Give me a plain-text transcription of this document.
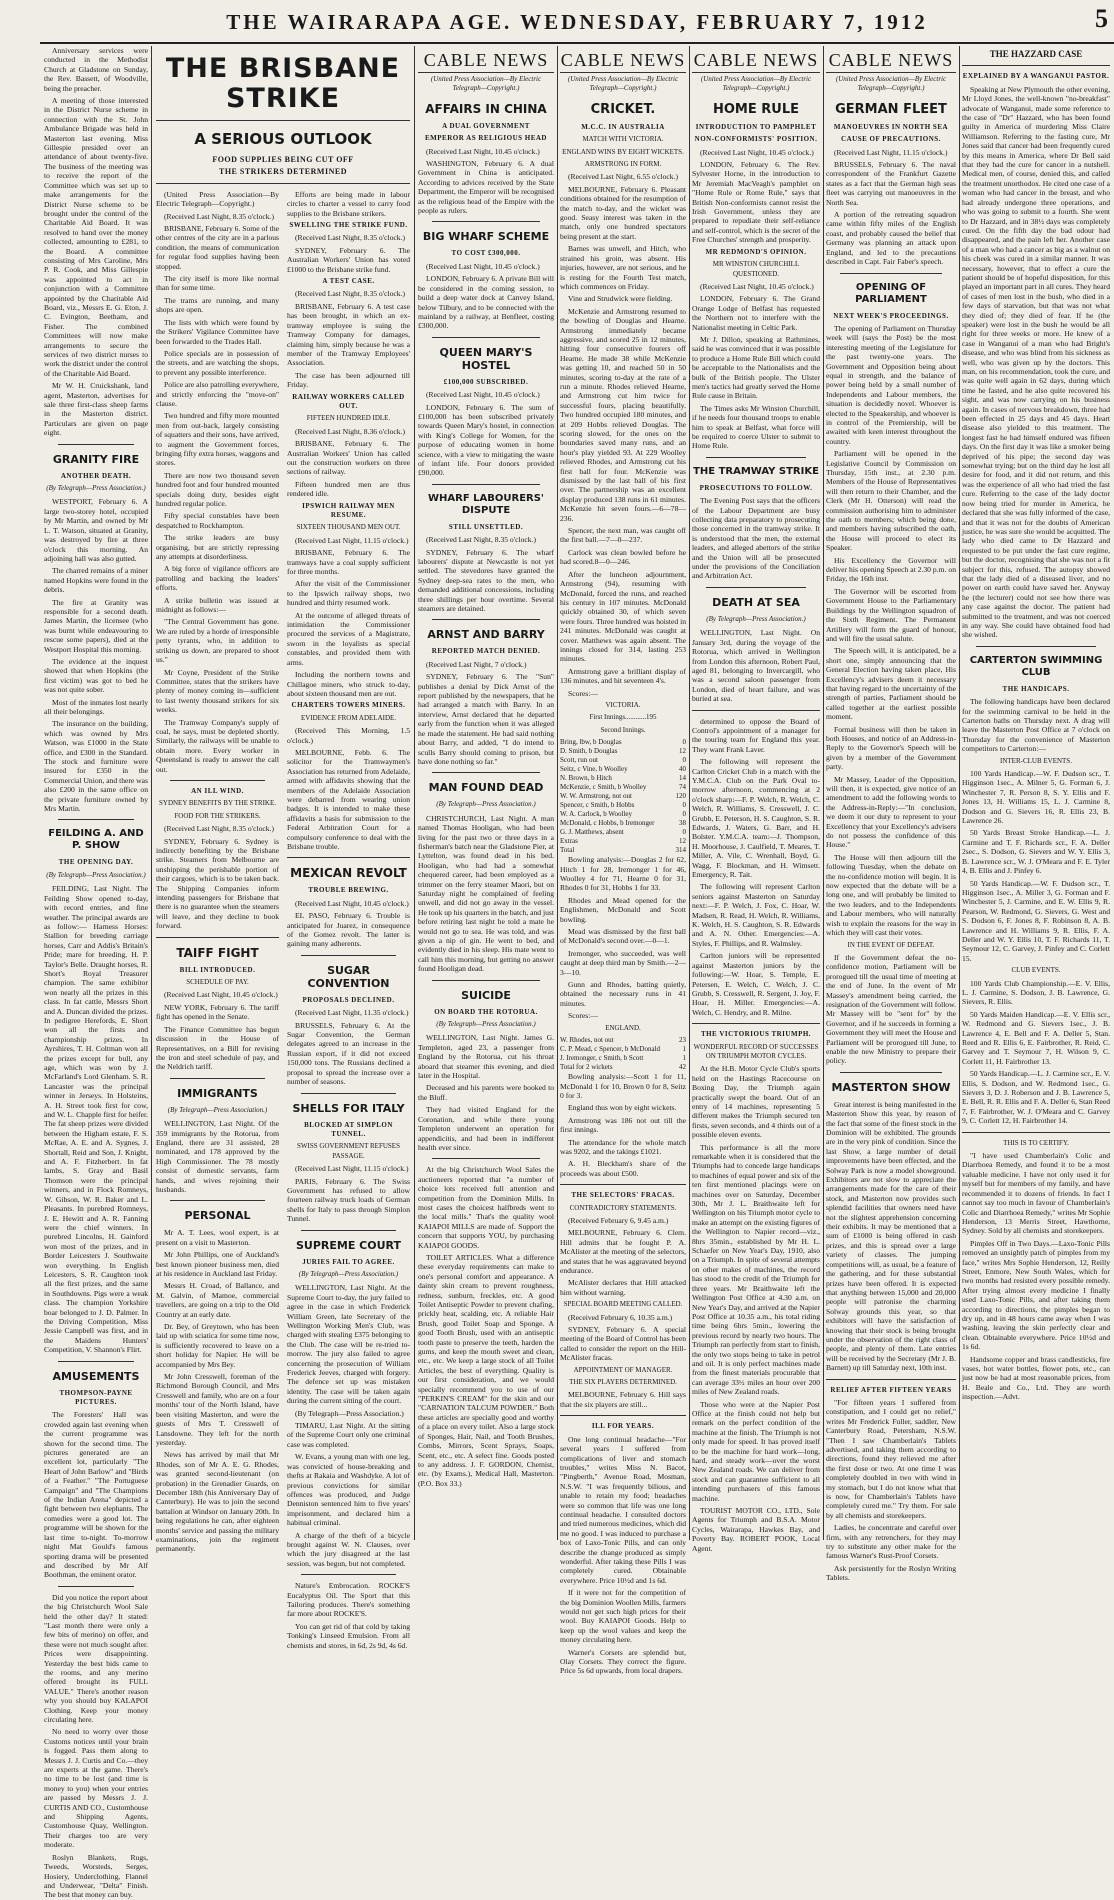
THE WAIRARAPA AGE. WEDNESDAY, FEBRUARY 7, 1912	5

Anniversary services were conducted in the Methodist Church at Gladstone on Sunday, the Rev. Bassett, of Woodville, being the preacher.

A meeting of those interested in the District Nurse scheme in connection with the St. John Ambulance Brigade was held in Masterton last evening. Miss Gillespie presided over an attendance of about twenty-five. The business of the meeting was to receive the report of the Committee which was set up to make arrangements for the District Nurse scheme to be brought under the control of the Charitable Aid Board. It was resolved to hand over the money collected, amounting to £281, to the Board. A committee consisting of Mrs Caroline, Mrs P. R. Cook, and Miss Gillespie was appointed to act in conjunction with a Committee appointed by the Charitable Aid Board, viz., Messrs E. G. Eton, J. C. Evington, Beetham, and Fisher. The combined Committees will now make arrangements to secure the services of two district nurses to work the district under the control of the Charitable Aid Board.

Mr W. H. Cruickshank, land agent, Masterton, advertises for sale three first-class sheep farms in the Masterton district. Particulars are given on page eight.

GRANITY FIRE
ANOTHER DEATH.
(By Telegraph—Press Association.)

WESTPORT, February 6. A large two-storey hotel, occupied by Mr Martin, and owned by Mr L. T. Watson, situated at Granity, was destroyed by fire at three o'clock this morning. An adjoining hall was also gutted.

The charred remains of a miner named Hopkins were found in the debris.

The fire at Granity was responsible for a second death. James Martin, the licensee (who was burnt while endeavouring to rescue some papers), died at the Westport Hospital this morning.

The evidence at the inquest showed that when Hopkins (the first victim) was got to bed he was not quite sober.

Most of the inmates lost nearly all their belongings.

The insurance on the building, which was owned by Mrs Watson, was £1000 in the State office, and £300 in the Standard. The stock and furniture were insured for £350 in the Commercial Union, and there was also £200 in the same office on the private furniture owned by Mrs Martin.

FEILDING A. AND P. SHOW
THE OPENING DAY.
(By Telegraph—Press Association.)

FEILDING, Last Night. The Feilding Show opened to-day, with record entries, and fine weather. The principal awards are as follow:— Harness Horses: Stallion for breeding carriage horses, Carr and Addis's Britain's Pride; mare for breeding, H. P. Taylor's Belle. Draught horses, R. Short's Royal Treasurer champion. The same exhibitor won nearly all the prizes in this class. In fat cattle, Messrs Short and A. Duncan divided the prizes. In pedigree Herefords, E. Short won all the firsts and championship prizes. In Ayrshires, T. H. Coltman won all the prizes except for bull, any age, which was won by J. McFarland's Lord Glenham. S. R. Lancaster was the principal winner in Jerseys. In Holsteins, A. H. Street took first for cow, and W. L. Chapple first for heifer. The fat sheep prizes were divided between the Higham estate, F. S. McRae, A. E. and A. Sygnes, J. Shortall, Reid and Son, J. Knight, and A. F. Fitzherbert. In fat lambs, S. Gray and Basil Thomson were the principal winners, and in Flock Romneys, W. Gibson, W. R. Baker and L. Pleasants. In purebred Romneys, J. E. Hewitt and A. R. Fanning were the chief winners. In purebred Lincolns, H. Gainford won most of the prizes, and in Border Leicesters J. Southwaite won everything. In English Leicesters, S. R. Caughton took all the first prizes, and the same in Southdowns. Pigs were a weak class. The champion Yorkshire boar belonged to J. D. Palmer. In the Driving Competition, Miss Jessie Campbell was first, and in the Maidens Hunters' Competition, V. Shannon's Flirt.

AMUSEMENTS
THOMPSON-PAYNE PICTURES.

The Foresters' Hall was crowded again last evening when the current programme was shown for the second time. The pictures generated are an excellent lot, particularly "The Heart of John Barlow" and "Birds of a Feather." "The Portuguese Campaign" and "The Champions of the Indian Arena" depicted a fight between two elephants. The comedies were a good lot. The programme will be shown for the last time to-night. To-morrow night Mat Gould's famous sporting drama will be presented and described by Mr Alf Boothman, the eminent orator.

Did you notice the report about the big Christchurch Wool Sale held the other day? It stated: "Last month there were only a few bits of merino) on offer, and these were not much sought after. Prices were disappointing. Yesterday the best bids came to the rooms, and any merino offered brought its FULL VALUE." There's another reason why you should buy KALAPOI Clothing. Keep your money circulating here.

No need to worry over those Customs notices until your brain is fogged. Pass them along to Messrs J. J. Curtis and Co.—they are experts at the game. There's no time to be lost (and time is money to you) when your entries are passed by Messrs J. J. CURTIS AND CO., Customhouse and Shipping Agents, Customhouse Quay, Wellington. Their charges too are very moderate.

Roslyn Blankets, Rugs, Tweeds, Worsteds, Serges, Hosiery, Underclothing, Flannel and Underwear, "Delta" Finish. The best that money can buy.

THE BRISBANE STRIKE
A SERIOUS OUTLOOK
FOOD SUPPLIES BEING CUT OFF
THE STRIKERS DETERMINED

(United Press Association—By Electric Telegraph—Copyright.)

(Received Last Night, 8.35 o'clock.)

BRISBANE, February 6. Some of the other centres of the city are in a parlous condition, the means of communication for regular food supplies having been stopped.

The city itself is more like normal than for some time.

The trams are running, and many shops are open.

The lists with which were found by the Strikers' Vigilance Committee have been forwarded to the Trades Hall.

Police specials are in possession of the streets, and are watching the shops, to prevent any possible interference.

Police are also patrolling everywhere, and strictly enforcing the "move-on" clause.

Two hundred and fifty more mounted men from out-back, largely consisting of squatters and their sons, have arrived, to augment the Government forces, bringing fifty extra horses, waggons and stores.

There are now two thousand seven hundred foot and four hundred mounted specials doing duty, besides eight hundred regular police.

Fifty special constables have been despatched to Rockhampton.

The strike leaders are busy organising, but are strictly repressing any attempts at disorderliness.

A big force of vigilance officers are patrolling and backing the leaders' efforts.

A strike bulletin was issued at midnight as follows:—

"The Central Government has gone. We are ruled by a horde of irresponsible petty tyrants, who, in addition to striking us down, are prepared to shoot us."

Mr Coyne, President of the Strike Committee, states that the strikers have plenty of money coming in—sufficient to last twenty thousand strikers for six weeks.

The Tramway Company's supply of coal, he says, must be depleted shortly. Similarly, the railways will be unable to obtain more. Every worker in Queensland is ready to answer the call out.

AN ILL WIND.
SYDNEY BENEFITS BY THE STRIKE.
FOOD FOR THE STRIKERS.

(Received Last Night, 8.35 o'clock.)

SYDNEY, February 6. Sydney is indirectly benefiting by the Brisbane strike. Steamers from Melbourne are unshipping the perishable portion of their cargoes, which is to be taken back. The Shipping Companies inform intending passengers for Brisbane that there is no guarantee when the steamers will leave, and they decline to book forward.

TAIFF FIGHT
BILL INTRODUCED.
SCHEDULE OF PAY.

(Received Last Night, 10.45 o'clock.)

NEW YORK, February 6. The tariff fight has opened in the Senate.

The Finance Committee has begun discussion in the House of Representatives, on a Bill for revising the iron and steel schedule of pay, and the Neldrich tariff.

IMMIGRANTS
(By Telegraph—Press Association.)

WELLINGTON, Last Night. Of the 359 immigrants by the Rotorua, from England, there are 31 assisted, 28 nominated, and 178 approved by the High Commissioner. The 78 mostly consist of domestic servants, farm hands, and wives rejoining their husbands.

PERSONAL

Mr A. T. Lees, wool expert, is at present on a visit to Masterton.

Mr John Phillips, one of Auckland's best known pioneer business men, died at his residence in Auckland last Friday.

Messrs H. Croad, of Ballance, and M. Galvin, of Mamoe, commercial travellers, are going on a trip to the Old Country at an early date.

Dr. Bey, of Greytown, who has been laid up with sciatica for some time now, is sufficiently recovered to leave on a short holiday for Napier. He will be accompanied by Mrs Bey.

Mr John Cresswell, foreman of the Richmond Borough Council, and Mrs Cresswell and family, who are on a four months' tour of the North Island, have been visiting Masterton, and were the guests of Mrs T. Cresswell of Lansdowne. They left for the north yesterday.

News has arrived by mail that Mr Rhodes, son of Mr A. E. G. Rhodes, was granted second-lieutenant (on probation) in the Grenadier Guards, on December 18th (his Anniversary Day of Canterbury). He was to join the second battalion at Windsor on January 20th. In being regulations he can, after eighteen months' service and passing the military examinations, join the regiment permanently.

Efforts are being made in labour circles to charter a vessel to carry food supplies to the Brisbane strikers.

SWELLING THE STRIKE FUND.

(Received Last Night, 8.35 o'clock.)

SYDNEY, February 6. The Australian Workers' Union has voted £1000 to the Brisbane strike fund.

A TEST CASE.

(Received Last Night, 8.35 o'clock.)

BRISBANE, February 6. A test case has been brought, in which an ex-tramway employee is suing the Tramway Company for damages, claiming him, simply because he was a member of the Tramway Employees' Association.

The case has been adjourned till Friday.

RAILWAY WORKERS CALLED OUT.
FIFTEEN HUNDRED IDLE.

(Received Last Night, 8.36 o'clock.)

BRISBANE, February 6. The Australian Workers' Union has called out the construction workers on three sections of railway.

Fifteen hundred men are thus rendered idle.

IPSWICH RAILWAY MEN RESUME.
SIXTEEN THOUSAND MEN OUT.

(Received Last Night, 11.15 o'clock.)

BRISBANE, February 6. The tramways have a coal supply sufficient for three months.

After the visit of the Commissioner to the Ipswich railway shops, two hundred and thirty resumed work.

At the outcome of alleged threats of intimidation the Commissioner procured the services of a Magistrate, sworn in the loyalists as special constables, and provided them with arms.

Including the northern towns and Chillagoe miners, who struck to-day, about sixteen thousand men are out.

CHARTERS TOWERS MINERS.
EVIDENCE FROM ADELAIDE.

(Received This Morning, 1.5 o'clock.)

MELBOURNE, Febb. 6. The solicitor for the Tramwaymen's Association has returned from Adelaide, armed with affidavits showing that the members of the Adelaide Association were debarred from wearing union badges. It is intended to make these affidavits a basis for submission to the Federal Arbitration Court for a compulsory conference to deal with the Brisbane trouble.

MEXICAN REVOLT
TROUBLE BREWING.

(Received Last Night, 10.45 o'clock.)

EL PASO, February 6. Trouble is anticipated for Juarez, in consequence of the Gomez revolt. The latter is gaining many adherents.

SUGAR CONVENTION
PROPOSALS DECLINED.

(Received Last Night, 11.35 o'clock.)

BRUSSELS, February 6. At the Sugar Convention, the German delegates agreed to an increase in the Russian export, if it did not exceed 150,000 tons. The Russians declined a proposal to spread the increase over a number of seasons.

SHELLS FOR ITALY
BLOCKED AT SIMPLON TUNNEL.
SWISS GOVERNMENT REFUSES PASSAGE.

(Received Last Night, 11.15 o'clock.)

PARIS, February 6. The Swiss Government has refused to allow fourteen railway truck loads of German shells for Italy to pass through Simplon Tunnel.

SUPREME COURT
JURIES FAIL TO AGREE.
(By Telegraph—Press Association.)

WELLINGTON, Last Night. At the Supreme Court to-day, the jury failed to agree in the case in which Frederick William Green, late Secretary of the Wellington Working Men's Club, was charged with stealing £375 belonging to the Club. The case will be re-tried to-morrow. The jury also failed to agree concerning the prosecution of William Frederick Jeeves, charged with forgery. The defence set up was mistaken identity. The case will be taken again during the current sitting of the court.

(By Telegraph—Press Association.)

TIMARU, Last Night. At the sitting of the Supreme Court only one criminal case was completed.

W. Evans, a young man with one leg, was convicted of house-breaking and thefts at Rakaia and Washdyke. A lot of previous convictions for similar offences was produced, and Judge Denniston sentenced him to five years' imprisonment, and declared him a habitual criminal.

A charge of the theft of a bicycle brought against W. N. Clauses, over which the jury disagreed at the last session, was begun, but not completed.

Nature's Embrocation. ROCKE'S Eucalyptus Oil. The Sport that this Tailoring produces. There's something far more about ROCKE'S.

You can get rid of that cold by taking Tonking's Linseed Emulsion. From all chemists and stores, in 6d, 2s 9d, 4s 6d.

CABLE NEWS
(United Press Association—By Electric Telegraph—Copyright.)
AFFAIRS IN CHINA
A DUAL GOVERNMENT
EMPEROR AS RELIGIOUS HEAD

(Received Last Night, 10.45 o'clock.)

WASHINGTON, February 6. A dual Government in China is anticipated. According to advices received by the State Department, the Emperor will be recognised as the religious head of the Empire with the people as rulers.

BIG WHARF SCHEME
TO COST £300,000.

(Received Last Night, 10.45 o'clock.)

LONDON, February 6. A private Bill will be considered in the coming session, to build a deep water dock at Canvey Island, below Tilbury, and to be connected with the mainland by a railway, at Benfleet, costing £300,000.

QUEEN MARY'S HOSTEL
£100,000 SUBSCRIBED.

(Received Last Night, 10.45 o'clock.)

LONDON, February 6. The sum of £100,000 has been subscribed privately towards Queen Mary's hostel, in connection with King's College for Women, for the purpose of educating women in home science, with a view to mitigating the waste of infant life. Four donors provided £90,000.

WHARF LABOURERS' DISPUTE
STILL UNSETTLED.

(Received Last Night, 8.35 o'clock.)

SYDNEY, February 6. The wharf labourers' dispute at Newcastle is not yet settled. The stevedores have granted the Sydney deep-sea rates to the men, who demanded additional concessions, including three shillings per hour overtime. Several steamers are detained.

ARNST AND BARRY
REPORTED MATCH DENIED.

(Received Last Night, 7 o'clock.)

SYDNEY, February 6. The "Sun" publishes a denial by Dick Arnst of the report published by the newspapers, that he had arranged a match with Barry. In an interview, Arnst declared that he departed early from the function when it was alleged he made the statement. He had said nothing about Barry, and added, "I do intend to sculls Barry should coming to prison, but have done nothing so far."

MAN FOUND DEAD
(By Telegraph—Press Association.)

CHRISTCHURCH, Last Night. A man named Thomas Hooligan, who had been living for the past two or three days in a fisherman's batch near the Gladstone Pier, at Lyttelton, was found dead in his bed. Hooligan, who had had a somewhat chequered career, had been employed as a trimmer on the ferry steamer Maori, but on Saturday night he complained of feeling unwell, and did not go away in the vessel. He took up his quarters in the batch, and just before retiring last night he told a mate he would not go to sea. He was told, and was given a nip of gin. He went to bed, and evidently died in his sleep. His mate went to call him this morning, but getting no answer found Hooligan dead.

SUICIDE
ON BOARD THE ROTORUA.
(By Telegraph—Press Association.)

WELLINGTON, Last Night. James G. Templeton, aged 23, a passenger from England by the Rotorua, cut his throat aboard that steamer this evening, and died later in the Hospital.

Deceased and his parents were booked to the Bluff.

They had visited England for the Coronation, and while there young Templeton underwent an operation for appendicitis, and had been in indifferent health ever since.

At the big Christchurch Wool Sales the auctioneers reported that "a number of choice lots received full attention and competition from the Dominion Mills. In most cases the choicest halfbreds went to the local mills." That's the quality wool KAIAPOI MILLS are made of. Support the concern that supports YOU, by purchasing KAIAPOI GOODS.

TOILET ARTICLES. What a difference these everyday requirements can make to one's personal comfort and appearance. A dainty skin cream to prevent roughness, redness, sunburn, freckles, etc. A good Toilet Antiseptic Powder to prevent chafing, prickly heat, scalding, etc. A reliable Hair Brush, good Toilet Soap and Sponge. A good Tooth Brush, used with an antiseptic tooth paste to preserve the teeth, harden the gums, and keep the mouth sweet and clean, etc., etc. We keep a large stock of all Toilet Articles, the best of everything. Quality is our first consideration, and we would specially recommend you to use of our "PERKIN'S CREAM" for the skin and our "CARNATION TALCUM POWDER." Both these articles are specially good and worthy of a place on every toilet. Also a large stock of Sponges, Hair, Nail, and Tooth Brushes, Combs, Mirrors, Scent Sprays, Soaps, Scent, etc., etc. A select fine. Goods posted to any address. J. F. GORDON, Chemist, etc. (by Exams.), Medical Hall, Masterton. (P.O. Box 33.)

CABLE NEWS
(United Press Association—By Electric Telegraph—Copyright.)
CRICKET.
M.C.C. IN AUSTRALIA
MATCH WITH VICTORIA.
ENGLAND WINS BY EIGHT WICKETS.
ARMSTRONG IN FORM.

(Received Last Night, 6.55 o'clock.)

MELBOURNE, February 6. Pleasant conditions obtained for the resumption of the match to-day, and the wicket was good. Seasy interest was taken in the match, only one hundred spectators being present at the start.

Barnes was unwell, and Hitch, who strained his groin, was absent. His injuries, however, are not serious, and he is resting for the Fourth Test match, which commences on Friday.

Vine and Strudwick were fielding.

McKenzie and Armstrong resumed to the bowling of Douglas and Hearne. Armstrong immediately became aggressive, and scored 25 in 12 minutes, hitting four consecutive fourers off Hearne. He made 38 while McKenzie was getting 10, and reached 50 in 50 minutes, scoring to-day at the rate of a run a minute. Rhodes relieved Hearne, and Armstrong cut him twice for successful fours, placing beautifully. Two hundred occupied 180 minutes, and at 209 Hobbs relieved Douglas. The scoring slowed, for the ones on the boundaries saved many runs, and an hour's play yielded 93. At 229 Woolley relieved Rhodes, and Armstrong cut his first ball for four. McKenzie was dismissed by the last ball of his first over. The partnership was an excellent display produced 138 runs in 61 minutes. McKenzie hit seven fours.—6—78—236.

Spencer, the next man, was caught off the first ball.—7—0—237.

Carlock was clean bowled before he had scored.8—0—246.

After the luncheon adjournment, Armstrong (94), resuming with McDonald, forced the runs, and reached his century in 107 minutes. McDonald quickly obtained 30, of which seven were fours. Three hundred was hoisted in 241 minutes. McDonald was caught at cover. Matthews was again absent. The innings closed for 314, lasting 253 minutes.

Armstrong gave a brilliant display of 136 minutes, and hit seventeen 4's.

Scores:—

VICTORIA.
First Innings............195
Second Innings.
Bring, lbw, b Douglas	0
D. Smith, b Douglas	12
Scott, run out	0
Seitz, c Vine, b Woolley	40
N. Brown, b Hitch	14
McKenzie, c Smith, b Woolley	74
W. W. Armstrong, not out	120
Spencer, c Smith, b Hobbs	0
W. A. Carlock, b Woolley	0
McDonald, c Hobbs, b Iremonger	38
G. J. Matthews, absent	0
Extras	12
Total	314

Bowling analysis:—Douglas 2 for 62, Hitch 1 for 28, Iremonger 1 for 46, Woolley 4 for 71, Hearne 0 for 31, Rhodes 0 for 31, Hobbs 1 for 33.

Rhodes and Mead opened for the Englishmen, McDonald and Scott bowling.

Mead was dismissed by the first ball of McDonald's second over.—0—1.

Iremonger, who succeeded, was well caught at deep third man by Smith.—2—3—10.

Gunn and Rhodes, batting quietly, obtained the necessary runs in 41 minutes.

Scores:—

ENGLAND.
W. Rhodes, not out	23
C. P. Mead, c Spencer, b McDonald	1
J. Iremonger, c Smith, b Scott	1
Total for 2 wickets	42

Bowling analysis:—Scott 1 for 11, McDonald 1 for 10, Brown 0 for 8, Seitz 0 for 3.

England thus won by eight wickets.

Armstrong was 186 not out till the first innings.

The attendance for the whole match was 9202, and the takings £1021.

A. H. Bleckham's share of the proceeds was about £500.

THE SELECTORS' FRACAS.
CONTRADICTORY STATEMENTS.

(Received February 6, 9.45 a.m.)

MELBOURNE, February 6. Clem. Hill admits that he fought P. A. McAlister at the meeting of the selectors, and states that he was aggravated beyond endurance.

McAlister declares that Hill attacked him without warning.

SPECIAL BOARD MEETING CALLED.

(Received February 6, 10.35 a.m.)

SYDNEY, February 6. A special meeting of the Board of Control has been called to consider the report on the Hill-McAlister fracas.

APPOINTMENT OF MANAGER.
THE SIX PLAYERS DETERMINED.

MELBOURNE, February 6. Hill says that the six players are still...

ILL FOR YEARS.

One long continual headache—"For several years I suffered from complications of liver and stomach troubles," writes Miss N. Bacot, "Pingberth," Avenue Road, Mosman, N.S.W. "I was frequently bilious, and unable to retain my food; headaches were so common that life was one long continual headache. I consulted doctors and tried numerous medicines, which did me no good. I was induced to purchase a box of Laxo-Tonic Pills, and can only describe the change produced as simply wonderful. After taking these Pills I was completely cured. Obtainable everywhere. Price 10½d and 1s 6d.

If it were not for the competition of the big Dominion Woollen Mills, farmers would not get such high prices for their wool. Buy KAIAPOI Goods. Help to keep up the wool values and keep the money circulating here.

Warner's Corsets are splendid but, Olay Corsets. They correct the figure. Price 5s 6d upwards, from local drapers.

CABLE NEWS
(United Press Association—By Electric Telegraph—Copyright.)
HOME RULE
INTRODUCTION TO PAMPHLET
NON-CONFORMISTS' POSITION.

(Received Last Night, 10.45 o'clock.)

LONDON, February 6. The Rev. Sylvester Horne, in the introduction to Mr Jeremiah MacVeagh's pamphlet on "Home Rule or Rome Rule," says that British Non-conformists cannot resist the Irish Government, unless they are prepared to repudiate their self-reliance and self-control, which is the secret of the Free Churches' strength and prosperity.

MR REDMOND'S OPINION.
MR WINSTON CHURCHILL QUESTIONED.

(Received Last Night, 10.45 o'clock.)

LONDON, February 6. The Grand Orange Lodge of Belfast has requested the Northern not to interfere with the Nationalist meeting in Celtic Park.

Mr J. Dillon, speaking at Rathmines, said he was convinced that it was possible to produce a Home Rule Bill which could be acceptable to the Nationalists and the bulk of the British people. The Ulster men's tactics had greatly served the Home Rule cause in Britain.

The Times asks Mr Winston Churchill, if he needs four thousand troops to enable him to speak at Belfast, what force will be required to coerce Ulster to submit to Home Rule.

THE TRAMWAY STRIKE
PROSECUTIONS TO FOLLOW.

The Evening Post says that the officers of the Labour Department are busy collecting data preparatory to prosecuting those concerned in the tramway strike. It is understood that the men, the external leaders, and alleged abettors of the strike and the Union will all be prosecuted under the provisions of the Conciliation and Arbitration Act.

DEATH AT SEA
(By Telegraph—Press Association.)

WELLINGTON, Last Night. On January 3rd, during the voyage of the Rotorua, which arrived in Wellington from London this afternoon, Robert Paul, aged 81, belonging to Invercargill, who was a second saloon passenger from London, died of heart failure, and was buried at sea.

determined to oppose the Board of Control's appointment of a manager for the touring team for England this year. They want Frank Laver.

The following will represent the Carlton Cricket Club in a match with the Y.M.C.A. Club on the Park Oval to-morrow afternoon, commencing at 2 o'clock sharp:—F. P. Welch, R. Welch, C. Welch, R. Williams, S. Cresswell, J. C. Grubb, E. Peterson, H. S. Caughton, S. R. Edwards, J. Waters, G. Barr, and H. Bolster. Y.M.C.A. team:—J. Thompson, H. Moorhouse, J. Caulfield, T. Meares, T. Miller, A. Vile, C. Wrenhall, Boyd, G. Wagg, F. Blockman, and H. Wimsett. Emergency, R. Tait.

The following will represent Carlton seniors against Masterton on Saturday next:—F. P. Welch, J. Fox, C. Hoar, W. Madsen, R. Read, H. Welch, R. Williams, K. Welch, H. S. Caughton, S. R. Edwards and A. N. Other. Emergencies:—A. Styles, F. Phillips, and R. Walmsley.

Carlton juniors will be represented against Masterton juniors by the following:—W. Hoar, S. Temple, E. Petersen, E. Welch, C. Welch, J. C. Grubb, S. Cresswell, R. Sergent, J. Joy, F. Hoar, H. Miller. Emergencies:—A. Welch, C. Hendry, and R. Milne.

THE VICTORIOUS TRIUMPH.
WONDERFUL RECORD OF SUCCESSES ON TRIUMPH MOTOR CYCLES.

At the H.B. Motor Cycle Club's sports held on the Hastings Racecourse on Boxing Day, the Triumph again practically swept the board. Out of an entry of 14 machines, representing 5 different makes the Triumph secured ten firsts, seven seconds, and 4 thirds out of a possible eleven events.

This performance is all the more remarkable when it is considered that the Triumphs had to concede large handicaps to machines of equal power and six of the ten first mentioned placings were on machines over on Saturday, December 30th, Mr J. L. Braithwaite left for Wellington on his Triumph motor cycle to make an attempt on the existing figures of the Wellington to Napier record—viz., 8hrs 35min., established by Mr H. L. Schaefer on New Year's Day, 1910, also on a Triumph. In spite of several attempts on other makes of machines, the record has stood to the credit of the Triumph for three years. Mr Braithwaite left the Wellington Post Office at 4.30 a.m. on New Year's Day, and arrived at the Napier Post Office at 10.35 a.m., his total riding time being 6hrs 5min., lowering the previous record by nearly two hours. The Triumph ran perfectly from start to finish, the only two stops being to take in petrol and oil. It is only perfect machines made from the finest materials procurable that can average 33½ miles an hour over 200 miles of New Zealand roads.

Those who were at the Napier Post Office at the finish could not help but remark on the perfect condition of the machine at the finish. The Triumph is not only made for speed. It has proved itself to be the machine for hard work—long, hard, and steady work—over the worst New Zealand roads. We can deliver from stock and can guarantee sufficient to all intending purchasers of this famous machine.

TOURIST MOTOR CO., LTD., Sole Agents for Triumph and B.S.A. Motor Cycles, Wairarapa, Hawkes Bay, and Poverty Bay. ROBERT POOK, Local Agent.

CABLE NEWS
(United Press Association—By Electric Telegraph—Copyright.)
GERMAN FLEET
MANOEUVRES IN NORTH SEA
CAUSE OF PRECAUTIONS.

(Received Last Night, 11.15 o'clock.)

BRUSSELS, February 6. The naval correspondent of the Frankfurt Gazette states as a fact that the German high seas fleet was carrying out manoeuvres in the North Sea.

A portion of the retreating squadron came within fifty miles of the English coast, and probably caused the belief that Germany was planning an attack upon England, and led to the precautions described in Capt. Fair Faber's speech.

OPENING OF PARLIAMENT
NEXT WEEK'S PROCEEDINGS.

The opening of Parliament on Thursday week will (says the Post) be the most interesting meeting of the Legislature for the past twenty-one years. The Government and Opposition being about equal in strength, and the balance of power being held by a small number of Independents and Labour members, the situation is decidedly novel. Whoever is elected to the Speakership, and whoever is in control of the Premiership, will be awaited with keen interest throughout the country.

Parliament will be opened in the Legislative Council by Commission on Thursday, 15th inst., at 2.30 p.m. Members of the House of Representatives will then return to their Chamber, and the Clerk (Mr H. Otterson) will read the commission authorising him to administer the oath to members; which being done, and members having subscribed the oath, the House will proceed to elect its Speaker.

His Excellency the Governor will deliver his opening Speech at 2.30 p.m. on Friday, the 16th inst.

The Governor will be escorted from Government House to the Parliamentary Buildings by the Wellington squadron of the Sixth Regiment. The Permanent Artillery will form the guard of honour, and will fire the usual salute.

The Speech will, it is anticipated, be a short one, simply announcing that the General Election having taken place, His Excellency's advisers deem it necessary that having regard to the uncertainty of the strength of parties, Parliament should be called together at the earliest possible moment.

Formal business will then be taken in both Houses, and notice of an Address-in-Reply to the Governor's Speech will be given by a member of the Government party.

Mr Massey, Leader of the Opposition, will then, it is expected, give notice of an amendment to add the following words to the Address-in-Reply:—"In conclusion, we deem it our duty to represent to your Excellency that your Excellency's advisers do not possess the confidence of this House."

The House will then adjourn till the following Tuesday, when the debate on the no-confidence motion will begin. It is now expected that the debate will be a long one, and will probably be limited to the two leaders, and to the Independents and Labour members, who will naturally wish to explain the reasons for the way in which they will cast their votes.

IN THE EVENT OF DEFEAT.

If the Government defeat the no-confidence motion, Parliament will be prorogued till the usual time of meeting at the end of June. In the event of Mr Massey's amendment being carried, the resignation of the Government will follow. Mr Massey will be "sent for" by the Governor, and if he succeeds in forming a Government they will meet the House and Parliament will be prorogued till June, to enable the new Ministry to prepare their policy.

MASTERTON SHOW

Great interest is being manifested in the Masterton Show this year, by reason of the fact that some of the finest stock in the Dominion will be exhibited. The grounds are in the very pink of condition. Since the last Show, a large number of detail improvements have been effected, and the Solway Park is now a model showground. Exhibitors are not slow to appreciate the arrangements made for the care of their stock, and Masterton now provides such splendid facilities that owners need have not the slightest apprehension concerning their exhibits. It may be mentioned that a sum of £1000 is being offered in cash prizes, and this is spread over a large variety of classes. The jumping competitions will, as usual, be a feature of the gathering, and for these substantial prizes have been offered. It is expected that anything between 15,000 and 20,000 people will patronise the charming Solway grounds this year, so that exhibitors will have the satisfaction of knowing that their stock is being brought under the observation of the right class of people, and plenty of them. Late entries will be received by the Secretary (Mr J. B. Barnett) up till Saturday next, 10th inst.

RELIEF AFTER FIFTEEN YEARS

"For fifteen years I suffered from constipation, and I could get no relief," writes Mr Frederick Fuller, saddler, New Canterbury Road, Petersham, N.S.W. "Then I saw Chamberlain's Tablets advertised, and taking them according to directions, found they relieved me after the first dose or two. At one time I was completely doubled in two with wind in my stomach, but I do not know what that is now, for Chamberlain's Tablets have completely cured me." Try them. For sale by all chemists and storekeepers.

Ladies, be concentrate and careful over firm, with any retrenchers, for they may try to substitute any other make for the famous Warner's Rust-Proof Corsets.

Ask persistently for the Roslyn Writing Tablets.

THE HAZZARD CASE
EXPLAINED BY A WANGANUI PASTOR.

Speaking at New Plymouth the other evening, Mr Lloyd Jones, the well-known "no-breakfast" advocate of Wanganui, made some reference to the case of "Dr" Hazzard, who has been found guilty in America of murdering Miss Claire Williamson. Referring to the fasting cure, Mr Jones said that cancer had been frequently cured by this means in America, where Dr Bell said that they had the cure for cancer in a nutshell. Medical men, of course, denied this, and called the treatment unorthodox. He cited one case of a woman who had cancer in the breast, and who had already undergone three operations, and who was going to submit to a fourth. She went to Dr Hazzard, and in 38½ days was completely cured. On the fifth day the bad odour had disappeared, and the pain left her. Another case of a man who had a cancer as big as a walnut on his cheek was cured in a similar manner. It was necessary, however, that to effect a cure the patient should be of hopeful disposition, for this played an important part in all cures. They heard of cases of men lost in the bush, who died in a few days of starvation, but that was not what they died of; they died of fear. If he (the speaker) were lost in the bush he would be all right for three weeks or more. He knew of a case in Wanganui of a man who had Bright's disease, and who was blind from his sickness as well, who was given up by the doctors. This man, on his recommendation, took the cure, and was quite well again in 62 days, during which time he fasted, and he also quite recovered his sight, and was now carrying on his business again. In cases of nervous breakdown, three had been effected in 25 days and 45 days. Heart disease also yielded to this treatment. The longest fast he had himself endured was fifteen days. On the first day it was like a smoker being deprived of his pipe; the second day was somewhat trying; but on the third day he lost all desire for food, and it did not return, and this was the experience of all who had tried the fast cure. Referring to the case of the lady doctor now being tried for murder in America, he declared that she was fully informed of the case, and that it was not for the doubts of American justice, he was sure she would be acquitted. The lady who died came to Dr Hazzard and requested to be put under the fast cure regime, but the doctor, recognising that she was not a fit subject for this, refused. The autopsy showed that the lady died of a diseased liver, and no power on earth could have saved her. Anyway he (the lecturer) could not see how there was any case against the doctor. The patient had submitted to the treatment, and was not coerced in any way. She could have obtained food had she wished.

CARTERTON SWIMMING CLUB
THE HANDICAPS.

The following handicaps have been declared for the swimming carnival to be held in the Carterton baths on Thursday next. A drag will leave the Masterton Post Office at 7 o'clock on Thursday for the convenience of Masterton competitors to Carterton:—

INTER-CLUB EVENTS.

100 Yards Handicap.—W. F. Dudson scr., T. Higginson 1sec., A. Milner 5, G. Forman 6, J. Winchester 7, R. Person 8, S. Y. Ellis and F. Jones 13, H. Williams 15, L. J. Carmine 8, Dodson and G. Sievers 16, R. Ellis 23, B. Lawrence 26.

50 Yards Breast Stroke Handicap.—L. J. Carmine and T. F. Richards scr., F. A. Deller 2sec., S. Dodson, G. Sievers and W. Y. Ellis 3, B. Lawrence scr., W. J. O'Meara and F. E. Tyler 4, B. Ellis and J. Pinfey 6.

50 Yards Handicap.—W. F. Dudson scr., T. Higginson 1sec., A. Miller 3, G. Forman and F. Winchester 5, J. Carmine, and E. W. Ellis 9, R. Pearson, W. Redmond, G. Sievers, G. West and S. Dodson 6, F. Jones 8, F. Robinson 8, A. B. Lawrence and H. Williams 9, R. Ellis, F. A. Deller and W. Y. Ellis 10, T. F. Richards 11, T. Seymour 12, C. Garvey, J. Pinfey and C. Corlett 15.

CLUB EVENTS.

100 Yards Club Championship.—E. V. Ellis, L. J. Carmine, S. Dodson, J. B. Lawrence, G. Sievers, R. Ellis.

50 Yards Maiden Handicap.—E. V. Ellis scr., W. Redmond and G. Sievers 1sec., J. B. Lawrence 4, E. Bell and F. A. Deller 5, Stan. Reed and R. Ellis 6, E. Fairbrother, R. Reid, C. Garvey and T. Seymour 7, H. Wilson 9, C. Corlett 11, H. Fairbrother 13.

50 Yards Handicap.—L. J. Carmine scr., E. V. Ellis, S. Dodson, and W. Redmond 1sec., G. Sievers 3, D. J. Roberson and J. B. Lawrence 5, E. Bell, R. R. Ellis and F. A. Deller 6, Stan Reed 7, F. Fairbrother, W. J. O'Meara and C. Garvey 9, C. Corlett 12, H. Fairbrother 14.

THIS IS TO CERTIFY.

"I have used Chamberlain's Colic and Diarrhoea Remedy, and found it to be a most valuable medicine. I have not only used it for myself but for members of my family, and have recommended it to dozens of friends. In fact I cannot say too much in favour of Chamberlain's Colic and Diarrhoea Remedy," writes Mr Sophie Henderson, 13 Merris Street, Hawthorne, Sydney. Sold by all chemists and storekeepers.

Pimples Off in Two Days.—Laxo-Tonic Pills removed an unsightly patch of pimples from my face," writes Mrs Sophie Henderson, 12, Reilly Street, Enmore, New South Wales, which for two months had resisted every possible remedy. After trying almost every medicine I finally used Laxo-Tonic Pills, and after taking them according to directions, the pimples began to dry up, and in 48 hours came away when I was washing, leaving the skin perfectly clear and clean. Obtainable everywhere. Price 10½d and 1s 6d.

Handsome copper and brass candlesticks, fire vases, hot water bottles, flower pots, etc., can just now be had at most reasonable prices, from H. Beale and Co., Ltd. They are worth inspection.—Advt.
